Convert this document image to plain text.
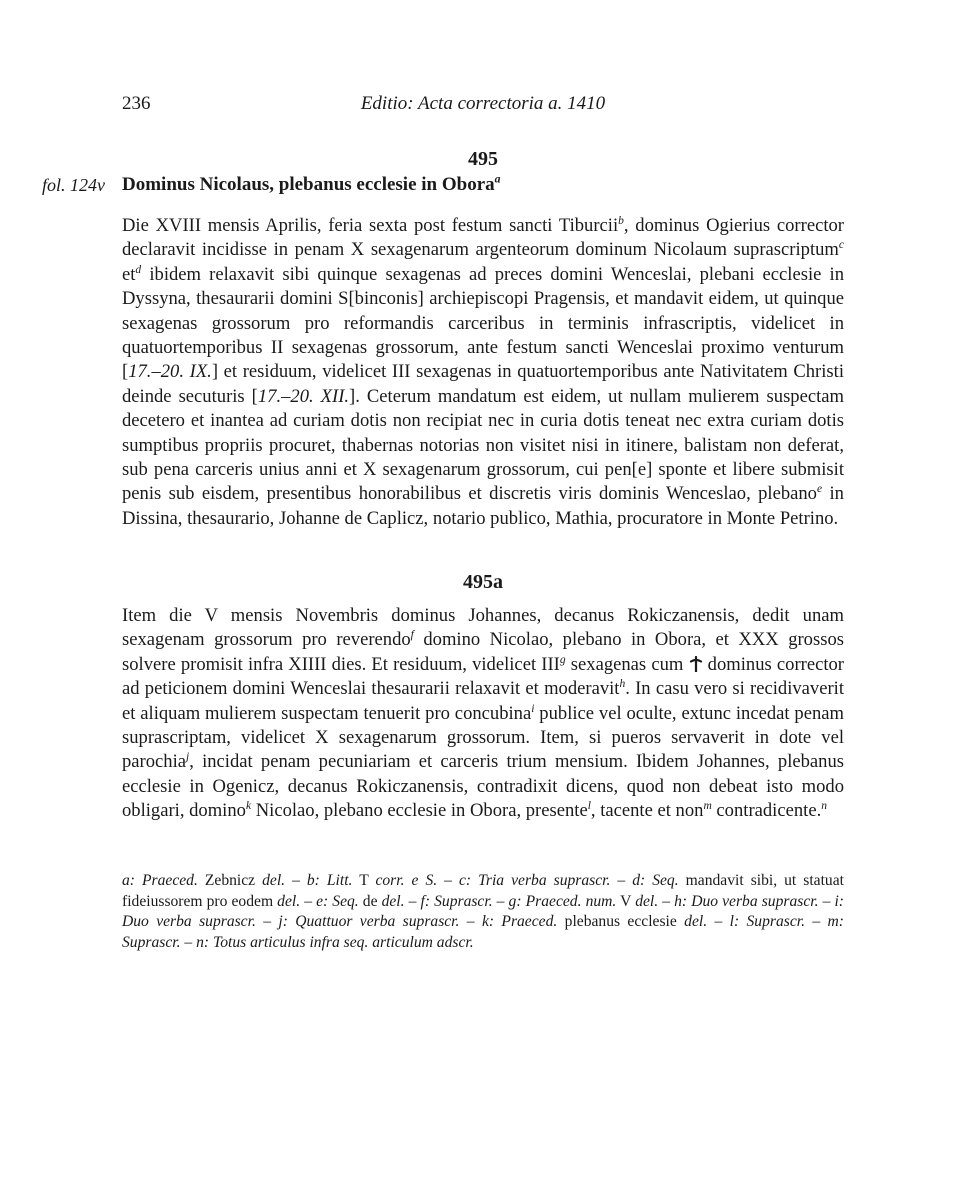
236	Editio: Acta correctoria a. 1410
495
fol. 124v Dominus Nicolaus, plebanus ecclesie in Obora$^a$

Die XVIII mensis Aprilis, feria sexta post festum sancti Tiburcii$^b$, dominus Ogierius corrector declaravit incidisse in penam X sexagenarum argenteorum dominum Nicolaum suprascriptum$^c$ $et^d$ ibidem relaxavit sibi quinque sexagenas ad preces domini Wenceslai, plebani ecclesie in Dyssyna, thesaurarii domini S[binconis] archiepiscopi Pragensis, et mandavit eidem, ut quinque sexagenas grossorum pro reformandis carceribus in terminis infrascriptis, videlicet in quatuortemporibus II sexagenas grossorum, ante festum sancti Wenceslai proximo venturum [17.–20. IX.] et residuum, videlicet III sexagenas in quatuortemporibus ante Nativitatem Christi deinde secuturis [17.–20. XII.]. Ceterum mandatum est eidem, ut nullam mulierem suspectam decetero et inantea ad curiam dotis non recipiat nec in curia dotis teneat nec extra curiam dotis sumptibus propriis procuret, thabernas notorias non visitet nisi in itinere, balistam non deferat, sub pena carceris unius anni et X sexagenarum grossorum, cui pen[e] sponte et libere submisit penis sub eisdem, presentibus honorabilibus et discretis viris dominis Wenceslao, plebano$^e$ in Dissina, thesaurario, Johanne de Caplicz, notario publico, Mathia, procuratore in Monte Petrino.

495a

Item die V mensis Novembris dominus Johannes, decanus Rokiczanensis, dedit unam sexagenam grossorum pro reverendo$^f$ domino Nicolao, plebano in Obora, et XXX grossos solvere promisit infra XIIII dies. Et residuum, videlicet III$^g$ sexagenas cum  dominus corrector ad peticionem domini Wenceslai thesaurarii relaxavit et moderavit$^h$. In casu vero si recidivaverit et aliquam mulierem suspectam tenuerit pro concubina$^i$ publice vel oculte, extunc incedat penam suprascriptam, videlicet X sexagenarum grossorum. Item, si pueros servaverit in dote vel parochia$^j$, incidat penam pecuniariam et carceris trium mensium. Ibidem Johannes, plebanus ecclesie in Ogenicz, decanus Rokiczanensis, contradixit dicens, quod non debeat isto modo obligari, domino$^k$ Nicolao, plebano ecclesie in Obora, presente$^l$, tacente et non$^m$ contradicente.$^n$

a: Praeced. Zebnicz del. – b: Litt. T corr. e S. – c: Tria verba suprascr. – d: Seq. mandavit sibi, ut statuat fideiussorem pro eodem del. – e: Seq. de del. – f: Suprascr. – g: Praeced. num. V del. – h: Duo verba suprascr. – i: Duo verba suprascr. – j: Quattuor verba suprascr. – k: Praeced. plebanus ecclesie del. – l: Suprascr. – m: Suprascr. – n: Totus articulus infra seq. articulum adscr.
